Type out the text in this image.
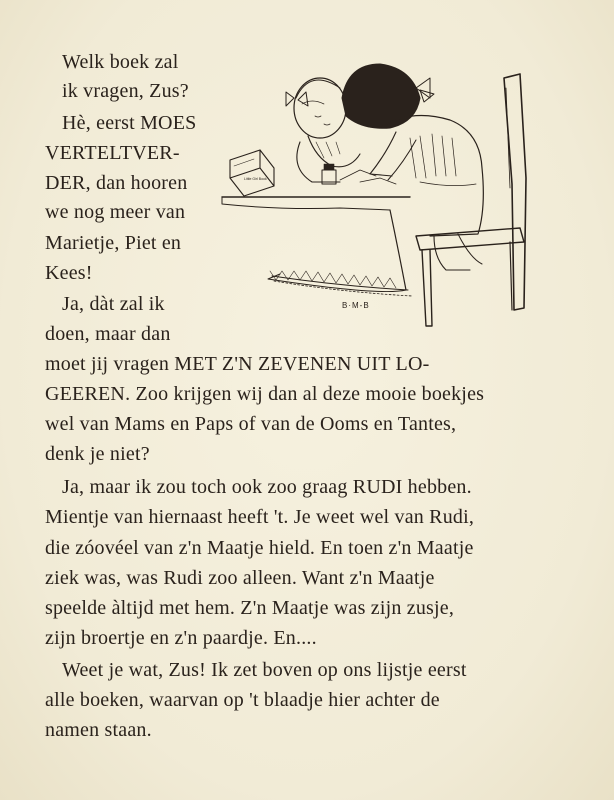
Little Girl Book
B·M-B

Welk boek zal

ik vragen, Zus?

Hè, eerst MOES

VERTELTVER-

DER, dan hooren

we nog meer van

Marietje, Piet en

Kees!

Ja, dàt zal ik

doen, maar dan

moet jij vragen MET Z'N ZEVENEN UIT LO-

GEEREN. Zoo krijgen wij dan al deze mooie boekjes

wel van Mams en Paps of van de Ooms en Tantes,

denk je niet?

Ja, maar ik zou toch ook zoo graag RUDI hebben.

Mientje van hiernaast heeft 't. Je weet wel van Rudi,

die zóovéel van z'n Maatje hield. En toen z'n Maatje

ziek was, was Rudi zoo alleen. Want z'n Maatje

speelde àltijd met hem. Z'n Maatje was zijn zusje,

zijn broertje en z'n paardje. En....

Weet je wat, Zus! Ik zet boven op ons lijstje eerst

alle boeken, waarvan op 't blaadje hier achter de

namen staan.
